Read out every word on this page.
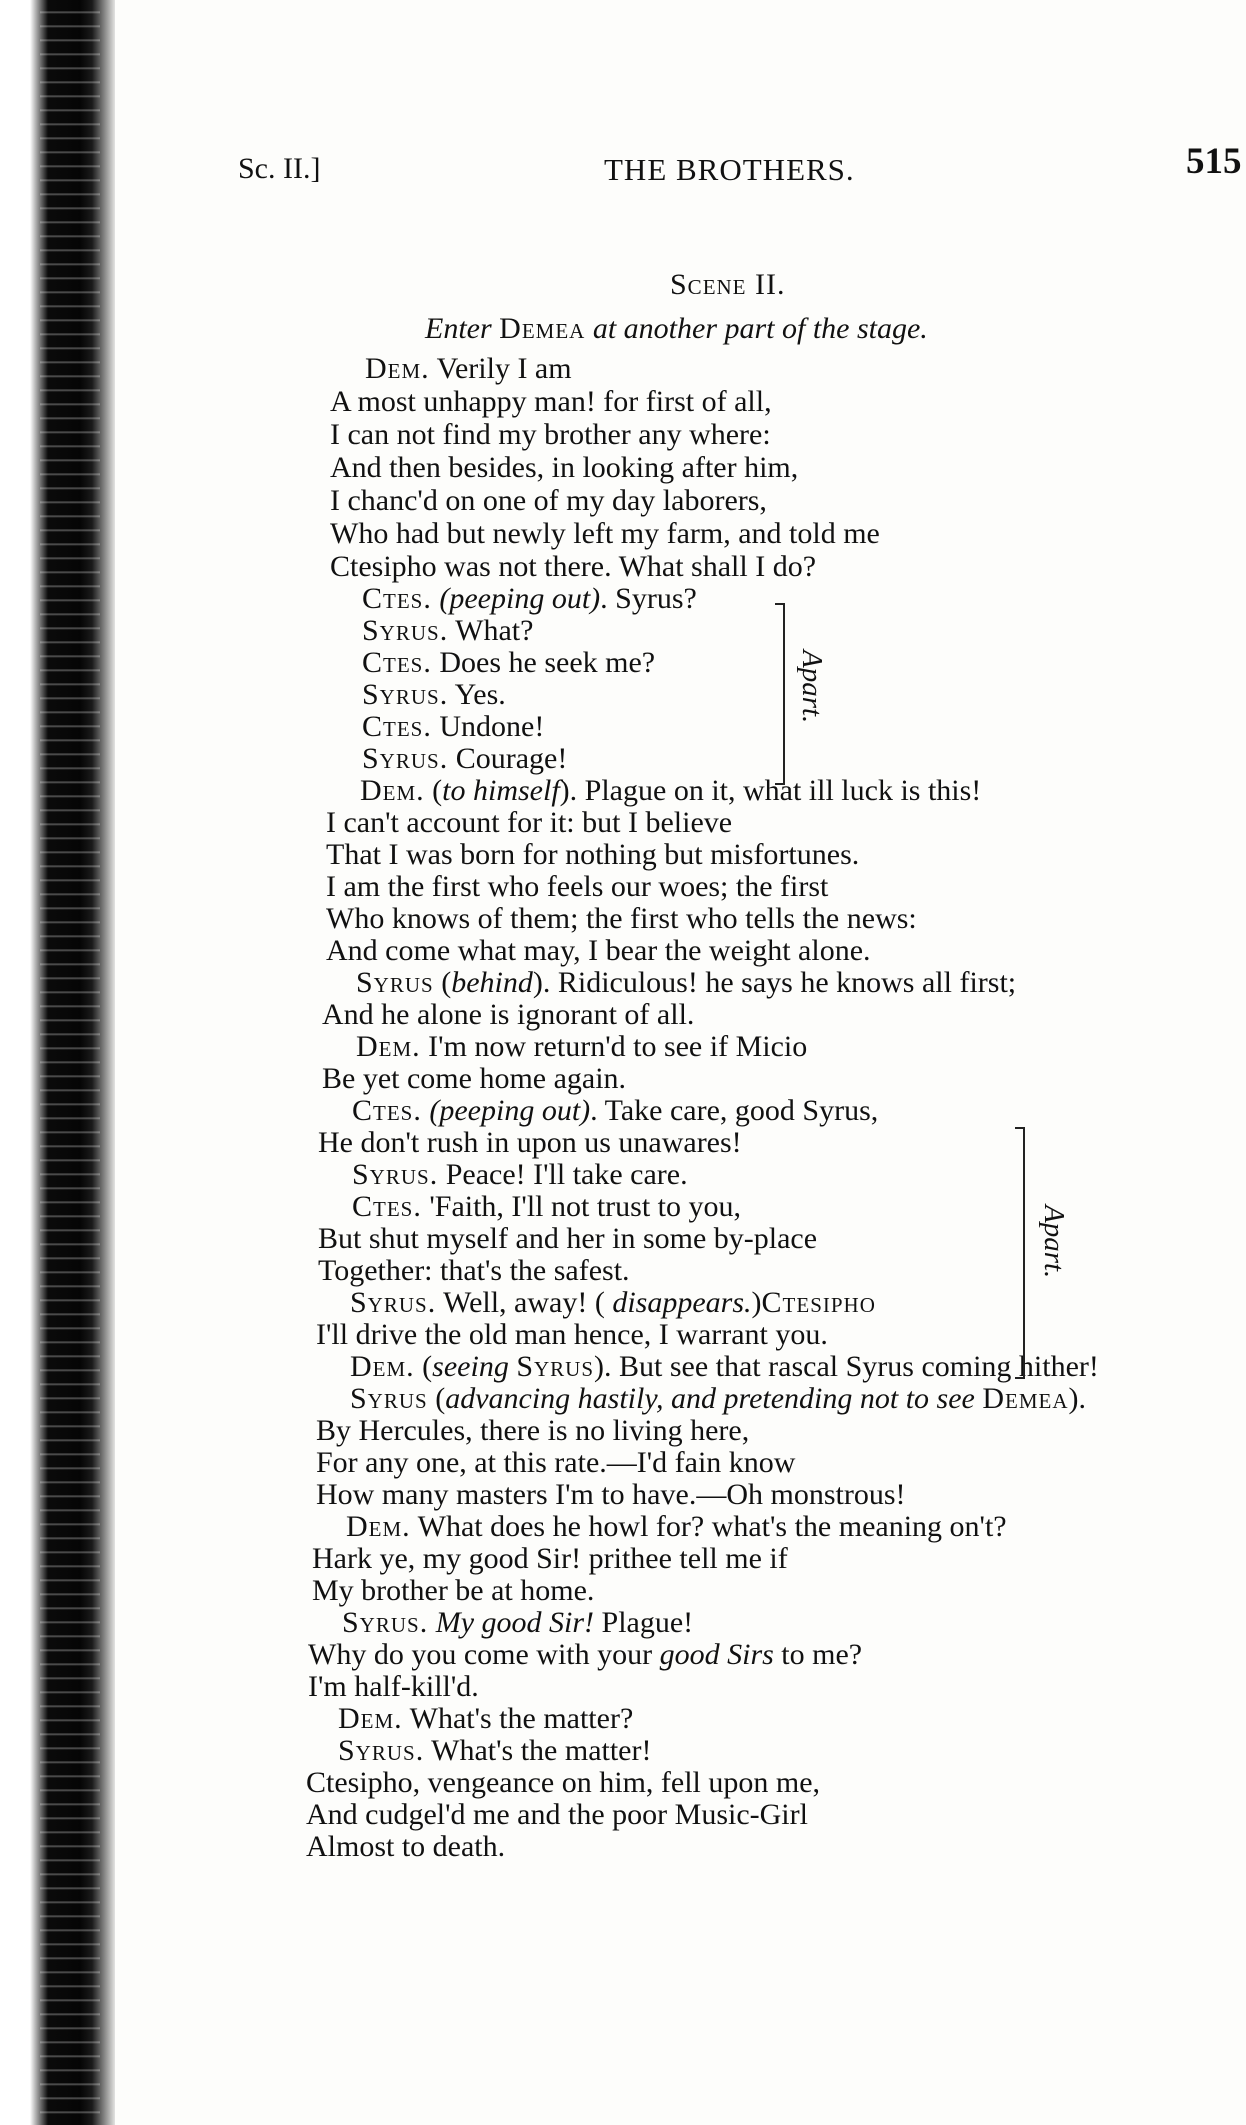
Sc. II.]	THE BROTHERS.	515
Scene II.
Enter Demea at another part of the stage.
Dem. Verily I am
A most unhappy man! for first of all,
I can not find my brother any where:
And then besides, in looking after him,
I chanc'd on one of my day laborers,
Who had but newly left my farm, and told me
Ctesipho was not there. What shall I do?
Ctes. (peeping out). Syrus?
Syrus. What?
Ctes. Does he seek me?
Syrus. Yes.
Ctes. Undone!
Syrus. Courage!
Dem. (to himself). Plague on it, what ill luck is this!
I can't account for it: but I believe
That I was born for nothing but misfortunes.
I am the first who feels our woes; the first
Who knows of them; the first who tells the news:
And come what may, I bear the weight alone.
Syrus (behind). Ridiculous! he says he knows all first;
And he alone is ignorant of all.
Dem. I'm now return'd to see if Micio
Be yet come home again.
Ctes. (peeping out). Take care, good Syrus,
He don't rush in upon us unawares!
Syrus. Peace! I'll take care.
Ctes. 'Faith, I'll not trust to you,
But shut myself and her in some by-place
Together: that's the safest.
Syrus. Well, away! ( disappears.)Ctesipho
I'll drive the old man hence, I warrant you.
Dem. (seeing Syrus). But see that rascal Syrus coming hither!
Syrus (advancing hastily, and pretending not to see Demea).
By Hercules, there is no living here,
For any one, at this rate.—I'd fain know
How many masters I'm to have.—Oh monstrous!
Dem. What does he howl for? what's the meaning on't?
Hark ye, my good Sir! prithee tell me if
My brother be at home.
Syrus. My good Sir! Plague!
Why do you come with your good Sirs to me?
I'm half-kill'd.
Dem. What's the matter?
Syrus. What's the matter!
Ctesipho, vengeance on him, fell upon me,
And cudgel'd me and the poor Music-Girl
Almost to death.
Apart.
Apart.
